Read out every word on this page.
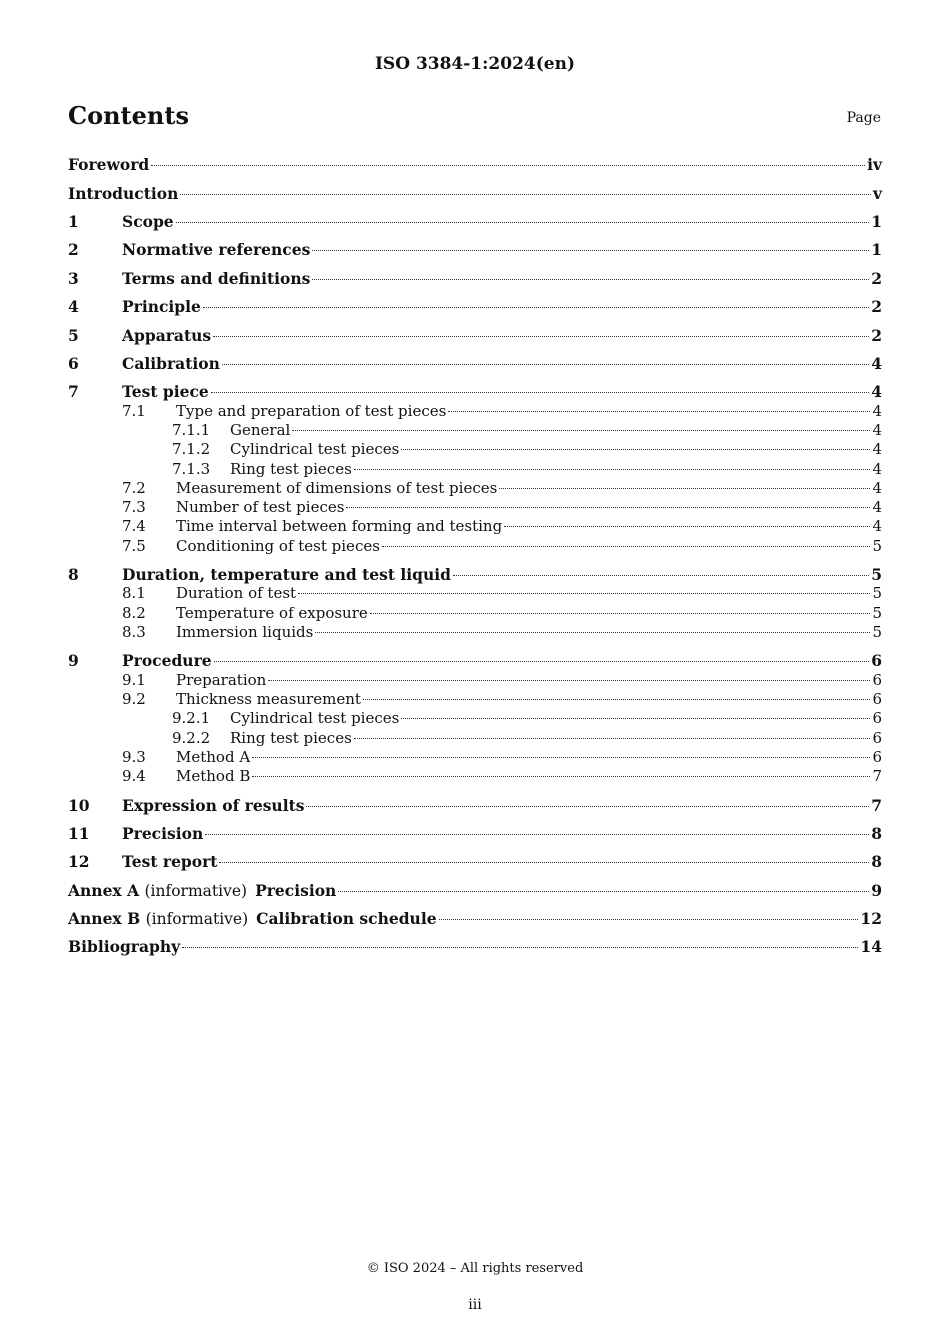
ISO 3384-1:2024(en)
Contents	Page
Foreword	iv
Introduction	v
1	Scope	1
2	Normative references	1
3	Terms and definitions	2
4	Principle	2
5	Apparatus	2
6	Calibration	4
7	Test piece	4
7.1	Type and preparation of test pieces	4
7.1.1	General	4
7.1.2	Cylindrical test pieces	4
7.1.3	Ring test pieces	4
7.2	Measurement of dimensions of test pieces	4
7.3	Number of test pieces	4
7.4	Time interval between forming and testing	4
7.5	Conditioning of test pieces	5
8	Duration, temperature and test liquid	5
8.1	Duration of test	5
8.2	Temperature of exposure	5
8.3	Immersion liquids	5
9	Procedure	6
9.1	Preparation	6
9.2	Thickness measurement	6
9.2.1	Cylindrical test pieces	6
9.2.2	Ring test pieces	6
9.3	Method A	6
9.4	Method B	7
10	Expression of results	7
11	Precision	8
12	Test report	8
Annex A (informative) Precision	9
Annex B (informative) Calibration schedule	12
Bibliography	14
© ISO 2024 – All rights reserved
iii
